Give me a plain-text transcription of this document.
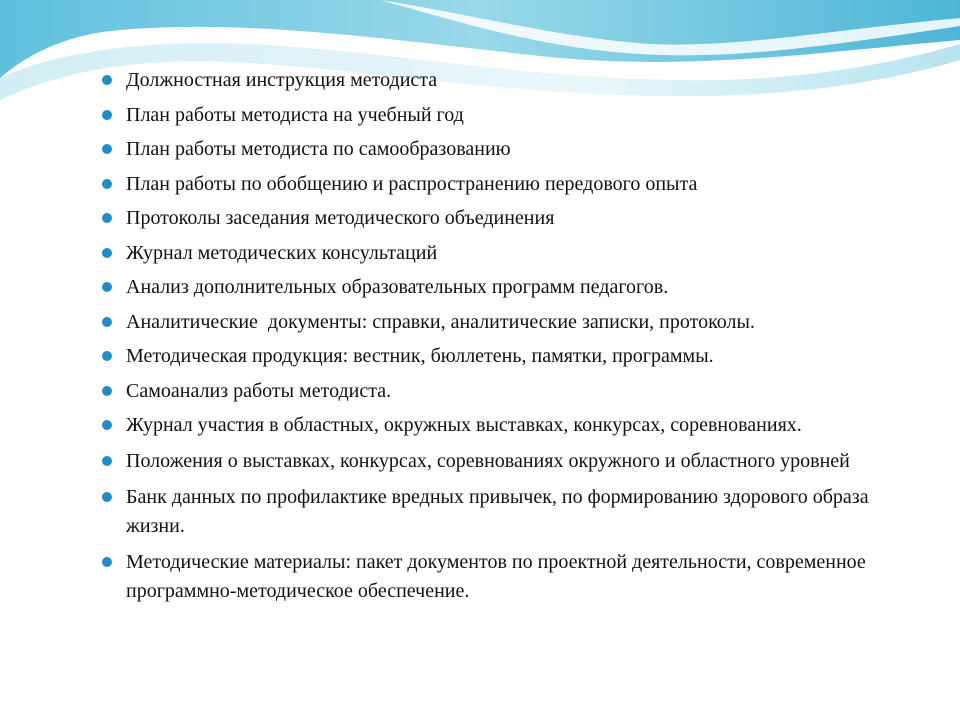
Должностная инструкция методиста
План работы методиста на учебный год
План работы методиста по самообразованию
План работы по обобщению и распространению передового опыта
Протоколы заседания методического объединения
Журнал методических консультаций
Анализ дополнительных образовательных программ педагогов.
Аналитические  документы: справки, аналитические записки, протоколы.
Методическая продукция: вестник, бюллетень, памятки, программы.
Самоанализ работы методиста.
Журнал участия в областных, окружных выставках, конкурсах, соревнованиях.
Положения о выставках, конкурсах, соревнованиях окружного и областного уровней
Банк данных по профилактике вредных привычек, по формированию здорового образа жизни.
Методические материалы: пакет документов по проектной деятельности, современное программно-методическое обеспечение.
